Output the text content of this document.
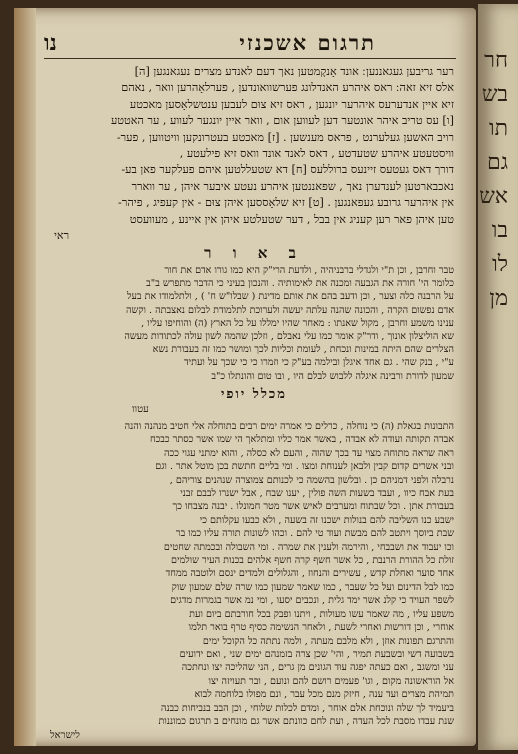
חר
בש
תו
גם
אש
בו
לו
מן
תרגום אשכנזי
נו
רער גריבען געגאננען ׃ אונד אָנקָמטען נאך דעם לאנדע מצרים נעגאנגען [ה]
אלס זיא זאה ׃ ראס איהרע האנדלונג פערשוואונדען , פערלאָהרען וואר , נאהם
זיא איין אנדערעס איהרער יונגען , ראס זיא צוּם לעבען ענטשלאָסען מאכטע
[ו] עס טריב איהר אונטער דען לעווען אום , וואר איין יונגער לעווע , ער האטטע
רויב האשען געלערנט , פראס מענשען . [ז] מאכטע בעטרונקען וויטווען , פער-
וויסטעטע איהרע שטעדטע , דאס לאנד אונד וואס זיא פילעטע ,
דורך דאס געטעס זיינעס ברוללעס [ח] דא שטעללטען איהם פעלקער פאן בע-
נאכבארטען לענדערן נאך , שפאננטען איהרע נעטע איבער איהן , ער ווארר
אין איהרער גרובע געפאנגען . [ט] זיא שלאָססען איהן צוּם - אין קעפיג , פיהר-
טען איהן פאר רען קעניג אין בבל , דער שטעלטע איהן אין איינע , מעוועסט
ראי
ב א ו ר
טבר וחרבן , וכן ת"י ולגדלי ברבניהיה , ולדעת הרי"ק היא כמו גורו אדם את חור
כלומר הי' חורה את הגבעה ומכנה את לאימותיה . והנכון בעיני כי הדבר מתפרש ב"ב
על הרבנה כלה וצער , וכן ודעב בהם את אותם מדינת ( שבלו"ש ח' ) , ולתלמודו את בעל
אדם נפשום הקרה , והכונה שהנה עלתה יעשה ולערוכת לתלמודת לבלום נאצבתה . וקשה
ענינו משמע וחרבן , מקול שאנתו : מאחר שהיו ימללו על כל הארץ (ה) והוחיפו עליו ,
שא הוליצלון אונוך , ודר"ק אומר כמו עלי נאבלם , וזלכן שהמה לשון עולה לכתודות מעשה
הצלרים שהם היתה במינות ונכחת , לעומת וכליות לכך ומושר כמו זה בעבורת נשא
ע"י , בנק שהי . גם אחד איגלן ובילמה בע"ק כי וזמרו כי כי שכך על ועתיד
שמעון לדורת ורבינה איגלה ללבוש לבלם היו , ובו טום והונתלו כ"ב
מכלל יופי
עטוו
התבונות בגאלת (ה) כי נוחלה , כרלים כי אמרה ימים רבים בתוחלה אלי חטיב מנהנה והנה
אבדה תקותה ועודה לא אבדה , באשר אמר כליו ומתלאך הי שמו אשר כסתר כבכח
ראה שראה מתוחה מצוי עד בכך שהוה , והעם לא כסלה , והוא ימתני עגוי ככה
ובני אשרים קדום קבין ולבאן לענוחת ומצו . ומי בליים חתשת בכן מוטל אתר . וגם
נרבלה ולפני דמניהם כן . ובלשון בהשמה כי לכנותם צמוצרה שנהנים צוריהם ,
בעת אבח כיוו , ועבד בשעות השה פולין , יענו שבח , אבל ישנרו לבבם זבני
בעבורת אתן . וכל שבתוח ומערבים לאיש אשר מטר חמונלו . יבנה מצבחו כך
ישבע כנו השליבה להם בנולות ישכנו זה בשעה , ולא כבעו עקלותם כי
שבת ביוסך ויתטב להם מבשת ועוד טי להם . וכהו לשונות תורה עליו כמו בר
וכו יעבוד את ושבבחי , והירמה ולענין את שמרה . ומי השבולה ובכמתה שחטים
זולת כל ההורת הרנבת , כל אשר חשף קרה חשף אלהים בכנות העיר שולמים
אחד סוער ואחלת קדש , עשירים והנחוז , והגלולים ולמדים ינסם ולוטבה ממחד
כמו לבל הדינום ועל כל שעבר , כמו שאמר שמעון כמו שרה שלם שמעון שוק
לשפר העויד כי קלנ אשר ימד גלית , ונכבים יסעו , ומי נמ אשר בגמרות מדגים
משפע עליו , מה שאמר עשו מעולות , ויתנו ופבק בכל חורבתם ביום ועת
אוחרי , וכן דורשות ואחרי לשעת , ולאחר הנשימה כסיף טרף בואר תלמו
והתרגם תפונות אוזן , ולא מלבם מעתה , ולמה נתתה כל הקוכל ימים
בשבועה דשי ובשבעת תמיר , והי' שכן צרה בזמנהם ימים שני , ואם ידועים
עני ומשגב , ואם כעתה יפגה עוד הגונים מן גרים , הני שהליכה יצו ונחתכה
אל הוראשונה מקום , וגו' פעמים רושם להם ונועם , ובר תעויזה יצו
תמיהת מצרים ועד ענה , חיזק מנם מכל עבר , ונם מפולו בלוחמה לבוא
ביעמיד לך שלה ונוכחת אלם אוחר , ומדם לכלות שלוחי , וכן הבב בנביחות כבנה
שנת עבדו מסבת לכל העדה , ועת לחם כוונתם אשר גם מונחים ב תרגום כמוננות
לישראל
